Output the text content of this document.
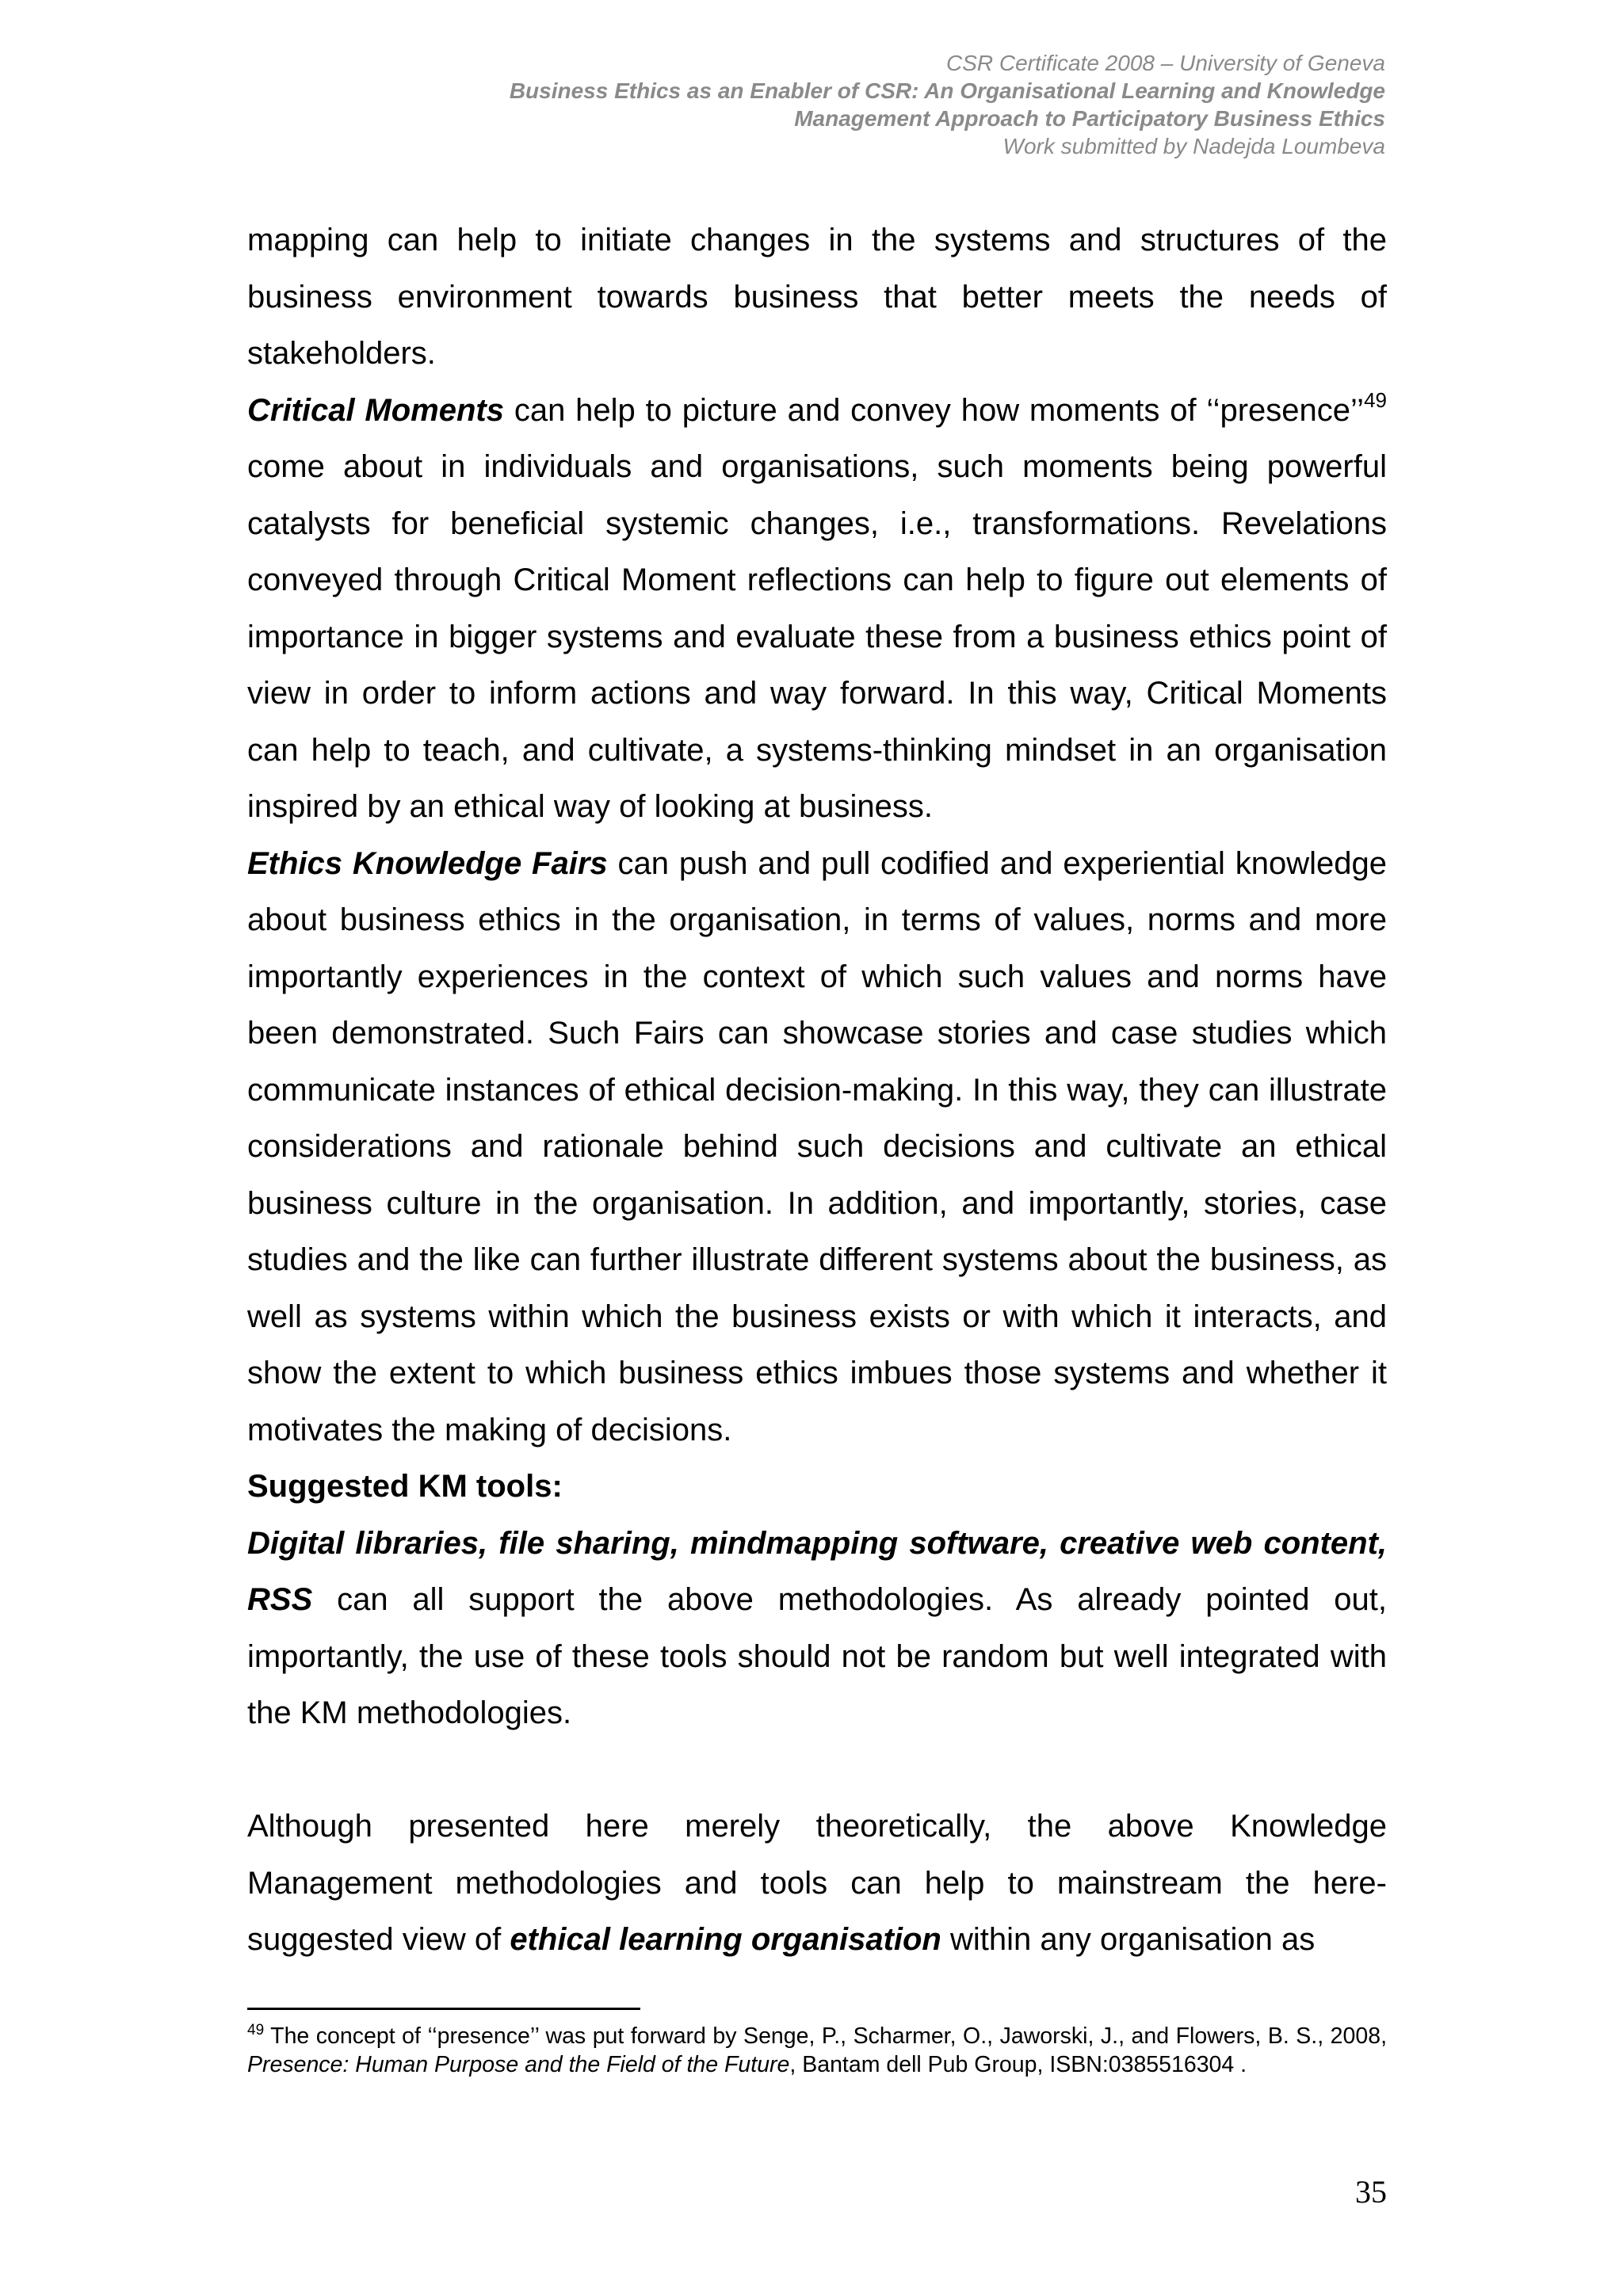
CSR Certificate 2008 – University of Geneva
Business Ethics as an Enabler of CSR: An Organisational Learning and Knowledge
Management Approach to Participatory Business Ethics
Work submitted by Nadejda Loumbeva

mapping can help to initiate changes in the systems and structures of the business environment towards business that better meets the needs of stakeholders.

Critical Moments can help to picture and convey how moments of ‘‘presence’’$^{49}$ come about in individuals and organisations, such moments being powerful catalysts for beneficial systemic changes, i.e., transformations. Revelations conveyed through Critical Moment reflections can help to figure out elements of importance in bigger systems and evaluate these from a business ethics point of view in order to inform actions and way forward. In this way, Critical Moments can help to teach, and cultivate, a systems-thinking mindset in an organisation inspired by an ethical way of looking at business.

Ethics Knowledge Fairs can push and pull codified and experiential knowledge about business ethics in the organisation, in terms of values, norms and more importantly experiences in the context of which such values and norms have been demonstrated. Such Fairs can showcase stories and case studies which communicate instances of ethical decision-making. In this way, they can illustrate considerations and rationale behind such decisions and cultivate an ethical business culture in the organisation. In addition, and importantly, stories, case studies and the like can further illustrate different systems about the business, as well as systems within which the business exists or with which it interacts, and show the extent to which business ethics imbues those systems and whether it motivates the making of decisions.

Suggested KM tools:

Digital libraries, file sharing, mindmapping software, creative web content, RSS can all support the above methodologies. As already pointed out, importantly, the use of these tools should not be random but well integrated with the KM methodologies.

Although presented here merely theoretically, the above Knowledge Management methodologies and tools can help to mainstream the here-suggested view of ethical learning organisation within any organisation as

$^{49}$ The concept of ‘‘presence’’ was put forward by Senge, P., Scharmer, O., Jaworski, J., and Flowers, B. S., 2008, Presence: Human Purpose and the Field of the Future, Bantam dell Pub Group, ISBN:0385516304 .
35
